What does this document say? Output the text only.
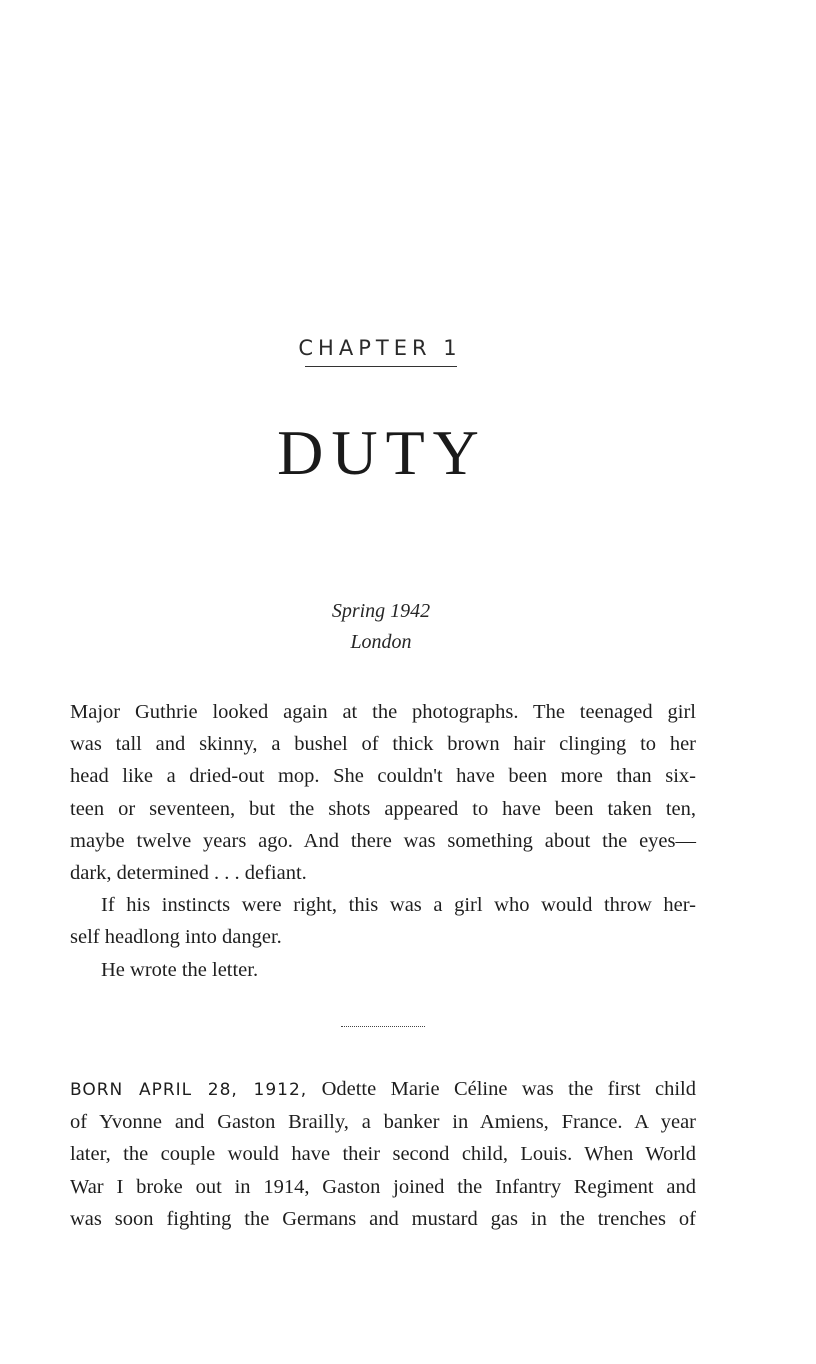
CHAPTER 1
DUTY
Spring 1942
London
Major Guthrie looked again at the photographs. The teenaged girl
was tall and skinny, a bushel of thick brown hair clinging to her
head like a dried-out mop. She couldn't have been more than six-
teen or seventeen, but the shots appeared to have been taken ten,
maybe twelve years ago. And there was something about the eyes—
dark, determined . . . defiant.
If his instincts were right, this was a girl who would throw her-
self headlong into danger.
He wrote the letter.
BORN APRIL 28, 1912, Odette Marie Céline was the first child
of Yvonne and Gaston Brailly, a banker in Amiens, France. A year
later, the couple would have their second child, Louis. When World
War I broke out in 1914, Gaston joined the Infantry Regiment and
was soon fighting the Germans and mustard gas in the trenches of
